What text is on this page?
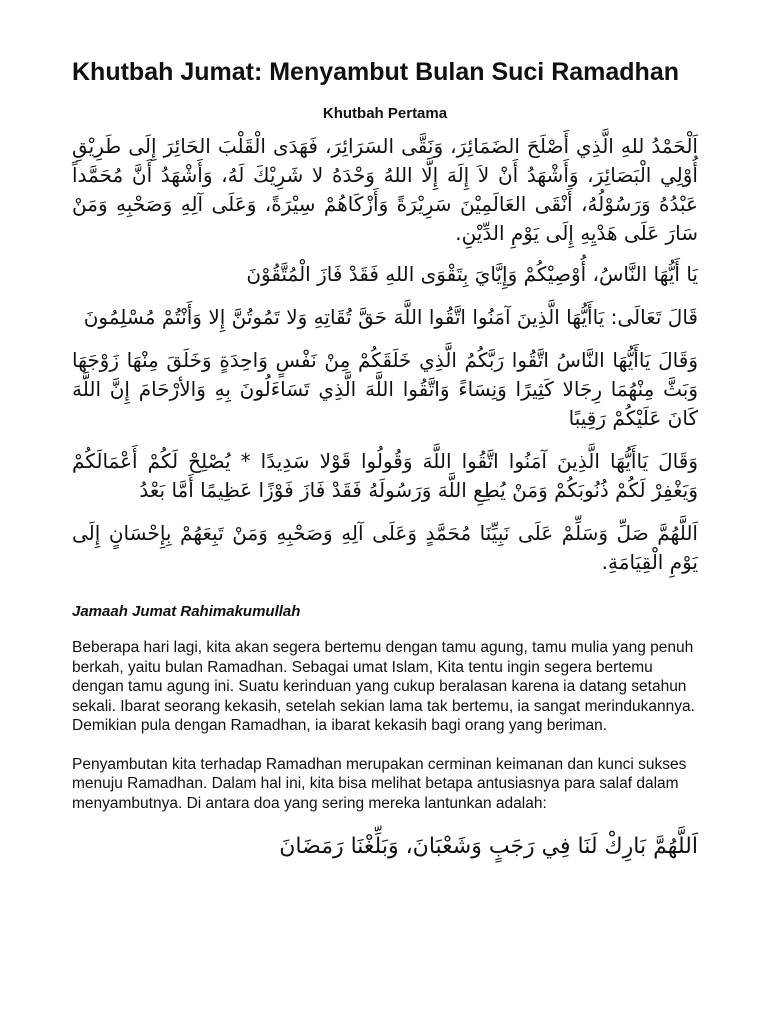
Khutbah Jumat: Menyambut Bulan Suci Ramadhan
Khutbah Pertama

اَلْحَمْدُ للهِ الَّذِي أَصْلَحَ الضَمَائِرَ، وَنَقَّى السَرَائِرَ، فَهَدَى الْقَلْبَ الحَائِرَ إِلَى طَرِيْقِ أُوْلِي الْبَصَائِرَ، وَأَشْهَدُ أَنْ لاَ إِلَهَ إِلَّا اللهُ وَحْدَهُ لا شَرِيْكَ لَهُ، وَأَشْهَدُ أَنَّ مُحَمَّداً عَبْدُهُ وَرَسُوْلُهُ، أَنْقَى العَالَمِيْنَ سَرِيْرَةً وَأَزْكَاهُمْ سِيْرَةً، وَعَلَى آلِهِ وَصَحْبِهِ وَمَنْ سَارَ عَلَى هَدْيِهِ إِلَى يَوْمِ الدِّيْنِ.

يَا أَيُّهَا النَّاسُ، أُوْصِيْكُمْ وَإِيَّايَ بِتَقْوَى اللهِ فَقَدْ فَازَ الْمُتَّقُوْنَ

قَالَ تَعَالَى: يَاأَيُّهَا الَّذِينَ آمَنُوا اتَّقُوا اللَّهَ حَقَّ تُقَاتِهِ وَلا تَمُوتُنَّ إِلا وَأَنْتُمْ مُسْلِمُونَ

وَقَالَ يَاأَيُّهَا النَّاسُ اتَّقُوا رَبَّكُمُ الَّذِي خَلَقَكُمْ مِنْ نَفْسٍ وَاحِدَةٍ وَخَلَقَ مِنْهَا زَوْجَهَا وَبَثَّ مِنْهُمَا رِجَالا كَثِيرًا وَنِسَاءً وَاتَّقُوا اللَّهَ الَّذِي تَسَاءَلُونَ بِهِ وَالأرْحَامَ إِنَّ اللَّهَ كَانَ عَلَيْكُمْ رَقِيبًا

وَقَالَ يَاأَيُّهَا الَّذِينَ آمَنُوا اتَّقُوا اللَّهَ وَقُولُوا قَوْلا سَدِيدًا * يُصْلِحْ لَكُمْ أَعْمَالَكُمْ وَيَغْفِرْ لَكُمْ ذُنُوبَكُمْ وَمَنْ يُطِعِ اللَّهَ وَرَسُولَهُ فَقَدْ فَازَ فَوْزًا عَظِيمًا أَمَّا بَعْدُ

اَللَّهُمَّ صَلِّ وَسَلِّمْ عَلَى نَبِيِّنَا مُحَمَّدٍ وَعَلَى آلِهِ وَصَحْبِهِ وَمَنْ تَبِعَهُمْ بِإِحْسَانٍ إِلَى يَوْمِ الْقِيَامَةِ.

Jamaah Jumat Rahimakumullah

Beberapa hari lagi, kita akan segera bertemu dengan tamu agung, tamu mulia yang penuh berkah, yaitu bulan Ramadhan. Sebagai umat Islam, Kita tentu ingin segera bertemu dengan tamu agung ini. Suatu kerinduan yang cukup beralasan karena ia datang setahun sekali. Ibarat seorang kekasih, setelah sekian lama tak bertemu, ia sangat merindukannya. Demikian pula dengan Ramadhan, ia ibarat kekasih bagi orang yang beriman.

Penyambutan kita terhadap Ramadhan merupakan cerminan keimanan dan kunci sukses menuju Ramadhan. Dalam hal ini, kita bisa melihat betapa antusiasnya para salaf dalam menyambutnya. Di antara doa yang sering mereka lantunkan adalah:

اَللَّهُمَّ بَارِكْ لَنَا فِي رَجَبٍ وَشَعْبَانَ، وَبَلِّغْنَا رَمَضَانَ
